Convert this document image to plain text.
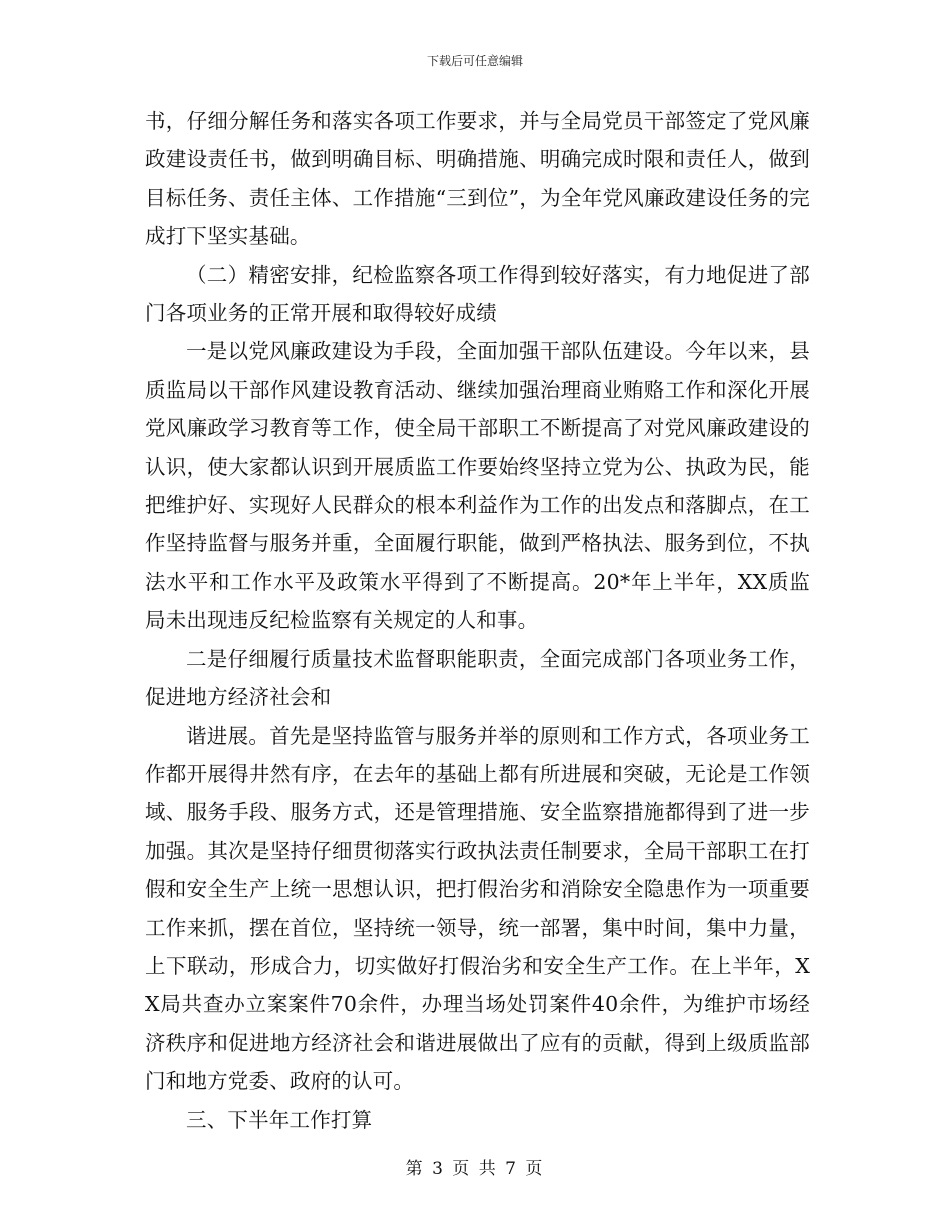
下载后可任意编辑

书，仔细分解任务和落实各项工作要求，并与全局党员干部签定了党风廉政建设责任书，做到明确目标、明确措施、明确完成时限和责任人，做到目标任务、责任主体、工作措施“三到位”，为全年党风廉政建设任务的完成打下坚实基础。

（二）精密安排，纪检监察各项工作得到较好落实，有力地促进了部门各项业务的正常开展和取得较好成绩

一是以党风廉政建设为手段，全面加强干部队伍建设。今年以来，县质监局以干部作风建设教育活动、继续加强治理商业贿赂工作和深化开展党风廉政学习教育等工作，使全局干部职工不断提高了对党风廉政建设的认识，使大家都认识到开展质监工作要始终坚持立党为公、执政为民，能把维护好、实现好人民群众的根本利益作为工作的出发点和落脚点，在工作坚持监督与服务并重，全面履行职能，做到严格执法、服务到位，不执法水平和工作水平及政策水平得到了不断提高。20*年上半年，XX质监局未出现违反纪检监察有关规定的人和事。

二是仔细履行质量技术监督职能职责，全面完成部门各项业务工作，促进地方经济社会和

谐进展。首先是坚持监管与服务并举的原则和工作方式，各项业务工作都开展得井然有序，在去年的基础上都有所进展和突破，无论是工作领域、服务手段、服务方式，还是管理措施、安全监察措施都得到了进一步加强。其次是坚持仔细贯彻落实行政执法责任制要求，全局干部职工在打假和安全生产上统一思想认识，把打假治劣和消除安全隐患作为一项重要工作来抓，摆在首位，坚持统一领导，统一部署，集中时间，集中力量，上下联动，形成合力，切实做好打假治劣和安全生产工作。在上半年，XX局共查办立案案件70余件，办理当场处罚案件40余件，为维护市场经济秩序和促进地方经济社会和谐进展做出了应有的贡献，得到上级质监部门和地方党委、政府的认可。

三、下半年工作打算

第 3 页 共 7 页
